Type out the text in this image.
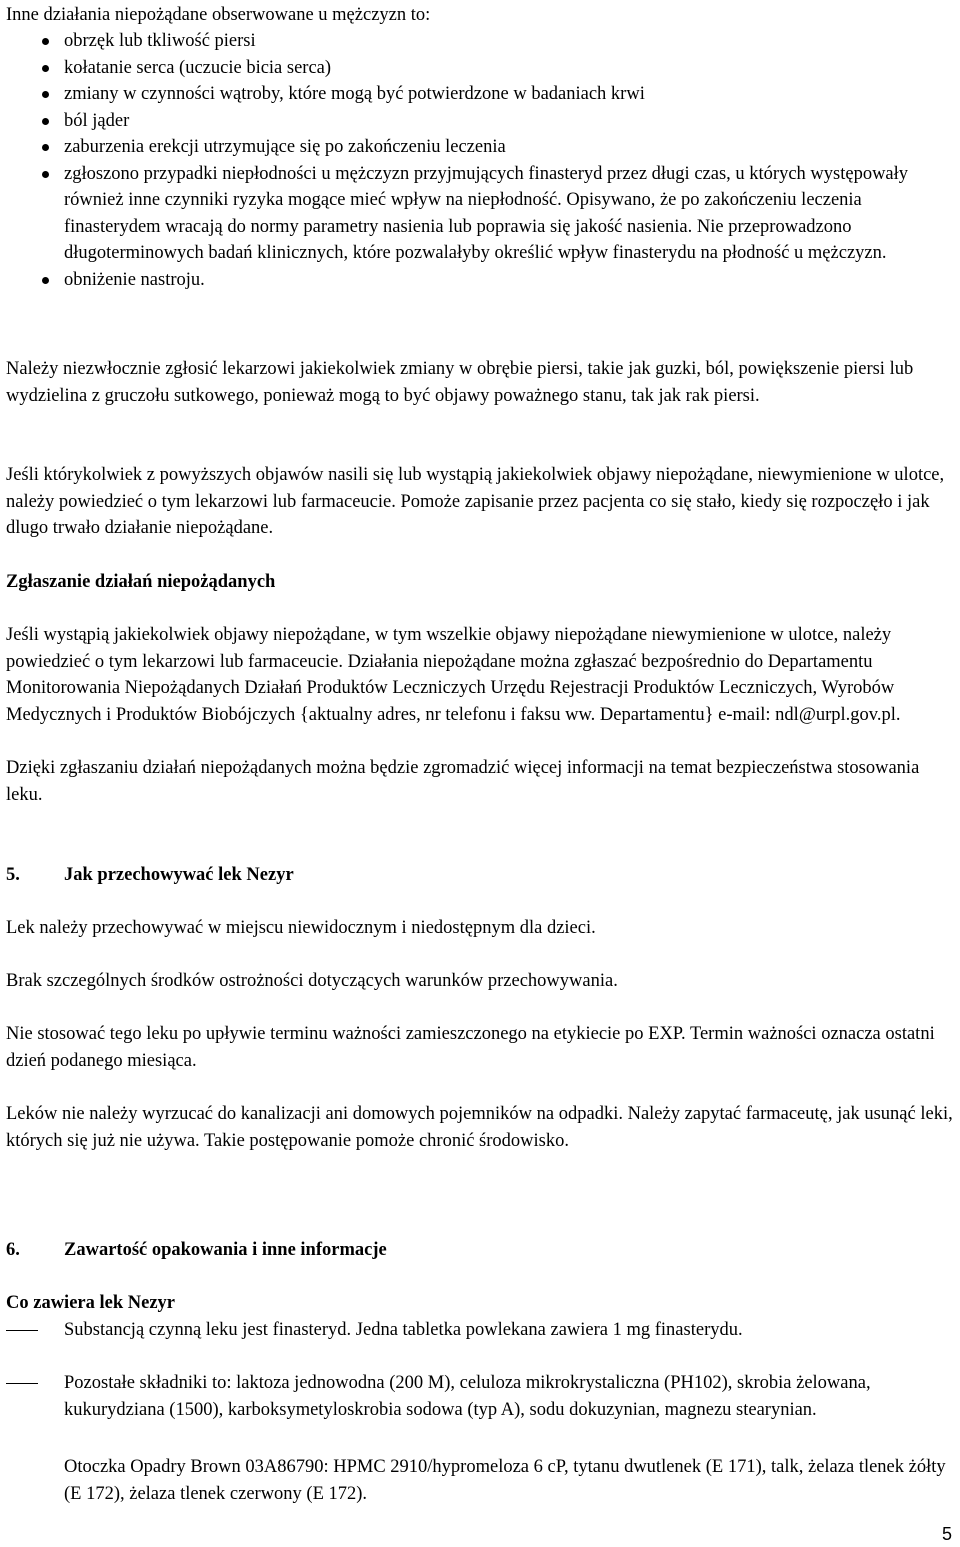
Inne działania niepożądane obserwowane u mężczyzn to:

obrzęk lub tkliwość piersi
kołatanie serca (uczucie bicia serca)
zmiany w czynności wątroby, które mogą być potwierdzone w badaniach krwi
ból jąder
zaburzenia erekcji utrzymujące się po zakończeniu leczenia
zgłoszono przypadki niepłodności u mężczyzn przyjmujących finasteryd przez długi czas, u których występowały również inne czynniki ryzyka mogące mieć wpływ na niepłodność. Opisywano, że po zakończeniu leczenia finasterydem wracają do normy parametry nasienia lub poprawia się jakość nasienia. Nie przeprowadzono długoterminowych badań klinicznych, które pozwalałyby określić wpływ finasterydu na płodność u mężczyzn.
obniżenie nastroju.

Należy niezwłocznie zgłosić lekarzowi jakiekolwiek zmiany w obrębie piersi, takie jak guzki, ból, powiększenie piersi lub wydzielina z gruczołu sutkowego, ponieważ mogą to być objawy poważnego stanu, tak jak rak piersi.

Jeśli którykolwiek z powyższych objawów nasili się lub wystąpią jakiekolwiek objawy niepożądane, niewymienione w ulotce, należy powiedzieć o tym lekarzowi lub farmaceucie. Pomoże zapisanie przez pacjenta co się stało, kiedy się rozpoczęło i jak dlugo trwało działanie niepożądane.

Zgłaszanie działań niepożądanych

Jeśli wystąpią jakiekolwiek objawy niepożądane, w tym wszelkie objawy niepożądane niewymienione w ulotce, należy powiedzieć o tym lekarzowi lub farmaceucie. Działania niepożądane można zgłaszać bezpośrednio do Departamentu Monitorowania Niepożądanych Działań Produktów Leczniczych Urzędu Rejestracji Produktów Leczniczych, Wyrobów Medycznych i Produktów Biobójczych {aktualny adres, nr telefonu i faksu ww. Departamentu} e-mail: ndl@urpl.gov.pl.

Dzięki zgłaszaniu działań niepożądanych można będzie zgromadzić więcej informacji na temat bezpieczeństwa stosowania leku.

5. Jak przechowywać lek Nezyr

Lek należy przechowywać w miejscu niewidocznym i niedostępnym dla dzieci.

Brak szczególnych środków ostrożności dotyczących warunków przechowywania.

Nie stosować tego leku po upływie terminu ważności zamieszczonego na etykiecie po EXP. Termin ważności oznacza ostatni dzień podanego miesiąca.

Leków nie należy wyrzucać do kanalizacji ani domowych pojemników na odpadki. Należy zapytać farmaceutę, jak usunąć leki, których się już nie używa. Takie postępowanie pomoże chronić środowisko.

6. Zawartość opakowania i inne informacje

Co zawiera lek Nezyr

Substancją czynną leku jest finasteryd. Jedna tabletka powlekana zawiera 1 mg finasterydu.
Pozostałe składniki to: laktoza jednowodna (200 M), celuloza mikrokrystaliczna (PH102), skrobia żelowana, kukurydziana (1500), karboksymetyloskrobia sodowa (typ A), sodu dokuzynian, magnezu stearynian.

Otoczka Opadry Brown 03A86790: HPMC 2910/hypromeloza 6 cP, tytanu dwutlenek (E 171), talk, żelaza tlenek żółty (E 172), żelaza tlenek czerwony (E 172).

5
